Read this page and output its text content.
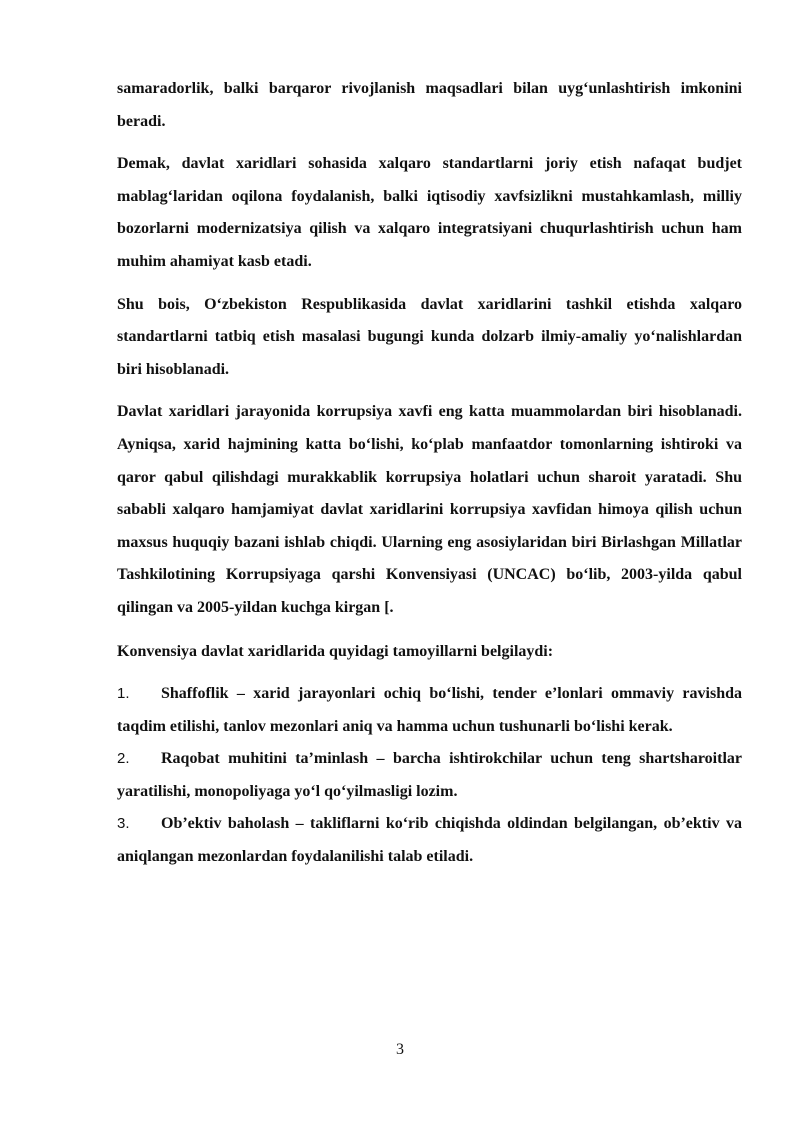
samaradorlik, balki barqaror rivojlanish maqsadlari bilan uyg‘unlashtirish imkonini beradi.

Demak, davlat xaridlari sohasida xalqaro standartlarni joriy etish nafaqat budjet mablag‘laridan oqilona foydalanish, balki iqtisodiy xavfsizlikni mustahkamlash, milliy bozorlarni modernizatsiya qilish va xalqaro integratsiyani chuqurlashtirish uchun ham muhim ahamiyat kasb etadi.

Shu bois, O‘zbekiston Respublikasida davlat xaridlarini tashkil etishda xalqaro standartlarni tatbiq etish masalasi bugungi kunda dolzarb ilmiy-amaliy yo‘nalishlardan biri hisoblanadi.

Davlat xaridlari jarayonida korrupsiya xavfi eng katta muammolardan biri hisoblanadi. Ayniqsa, xarid hajmining katta bo‘lishi, ko‘plab manfaatdor tomonlarning ishtiroki va qaror qabul qilishdagi murakkablik korrupsiya holatlari uchun sharoit yaratadi. Shu sababli xalqaro hamjamiyat davlat xaridlarini korrupsiya xavfidan himoya qilish uchun maxsus huquqiy bazani ishlab chiqdi. Ularning eng asosiylaridan biri Birlashgan Millatlar Tashkilotining Korrupsiyaga qarshi Konvensiyasi (UNCAC) bo‘lib, 2003-yilda qabul qilingan va 2005-yildan kuchga kirgan [.

Konvensiya davlat xaridlarida quyidagi tamoyillarni belgilaydi:

1. Shaffoflik – xarid jarayonlari ochiq bo‘lishi, tender e’lonlari ommaviy ravishda taqdim etilishi, tanlov mezonlari aniq va hamma uchun tushunarli bo‘lishi kerak.

2. Raqobat muhitini ta’minlash – barcha ishtirokchilar uchun teng shartsharoitlar yaratilishi, monopoliyaga yo‘l qo‘yilmasligi lozim.

3. Ob’ektiv baholash – takliflarni ko‘rib chiqishda oldindan belgilangan, ob’ektiv va aniqlangan mezonlardan foydalanilishi talab etiladi.

3
